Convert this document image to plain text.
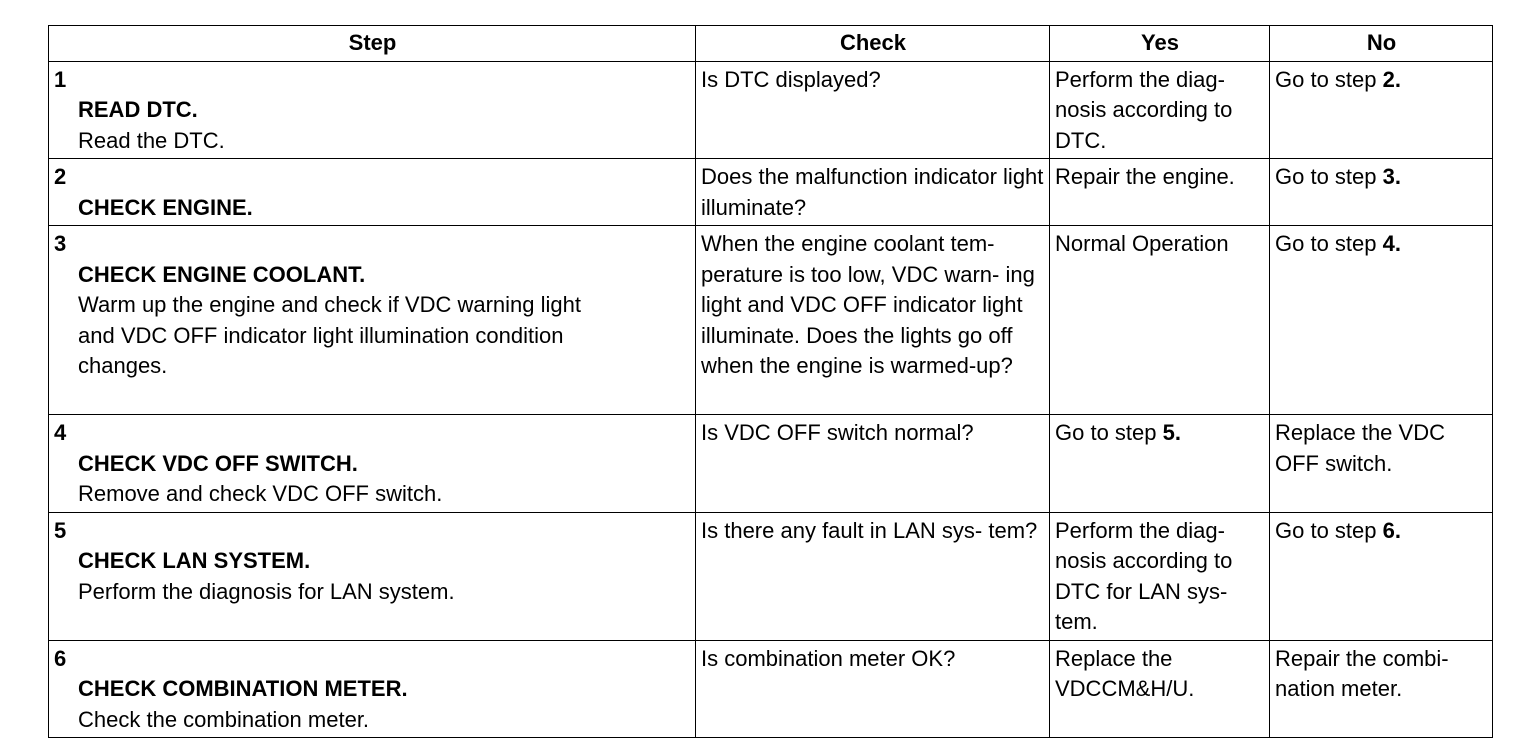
Step	Check	Yes	No
1
READ DTC.
Read the DTC.	Is DTC displayed?	Perform the diag- nosis according to DTC.	Go to step 2.
2
CHECK ENGINE.	Does the malfunction indicator light illuminate?	Repair the engine.	Go to step 3.
3
CHECK ENGINE COOLANT.
Warm up the engine and check if VDC warning light and VDC OFF indicator light illumination condition changes.	When the engine coolant tem- perature is too low, VDC warn- ing light and VDC OFF indicator light illuminate. Does the lights go off when the engine is warmed-up?	Normal Operation	Go to step 4.
4
CHECK VDC OFF SWITCH.
Remove and check VDC OFF switch.	Is VDC OFF switch normal?	Go to step 5.	Replace the VDC OFF switch.
5
CHECK LAN SYSTEM.
Perform the diagnosis for LAN system.	Is there any fault in LAN sys- tem?	Perform the diag- nosis according to DTC for LAN sys- tem.	Go to step 6.
6
CHECK COMBINATION METER.
Check the combination meter.	Is combination meter OK?	Replace the VDCCM&H/U.	Repair the combi- nation meter.
